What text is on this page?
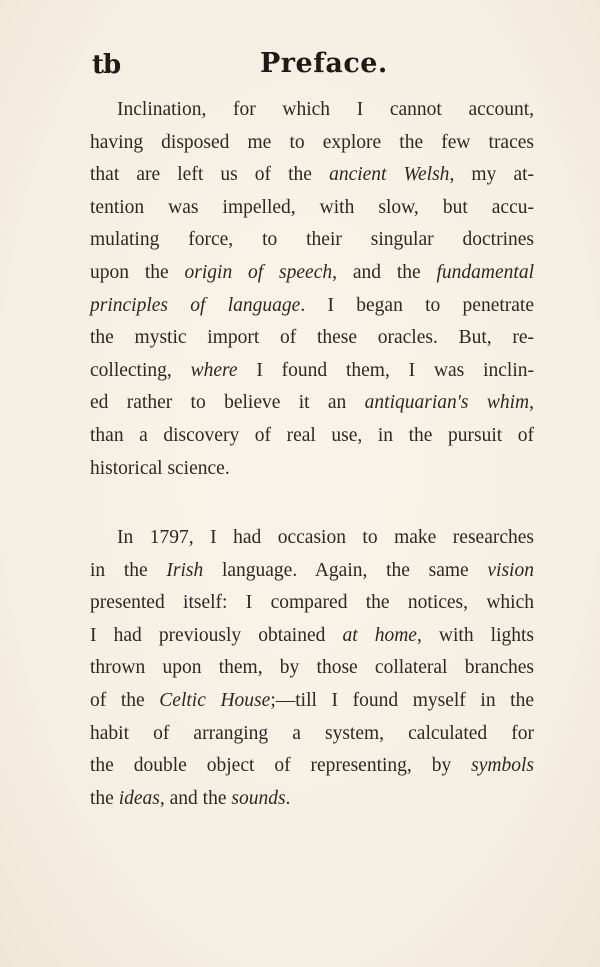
tb	Preface.
Inclination, for which I cannot account,
having disposed me to explore the few traces
that are left us of the ancient Welsh, my at-
tention was impelled, with slow, but accu-
mulating force, to their singular doctrines
upon the origin of speech, and the fundamental
principles of language. I began to penetrate
the mystic import of these oracles. But, re-
collecting, where I found them, I was inclin-
ed rather to believe it an antiquarian's whim,
than a discovery of real use, in the pursuit of
historical science.
In 1797, I had occasion to make researches
in the Irish language. Again, the same vision
presented itself: I compared the notices, which
I had previously obtained at home, with lights
thrown upon them, by those collateral branches
of the Celtic House;—till I found myself in the
habit of arranging a system, calculated for
the double object of representing, by symbols
the ideas, and the sounds.
